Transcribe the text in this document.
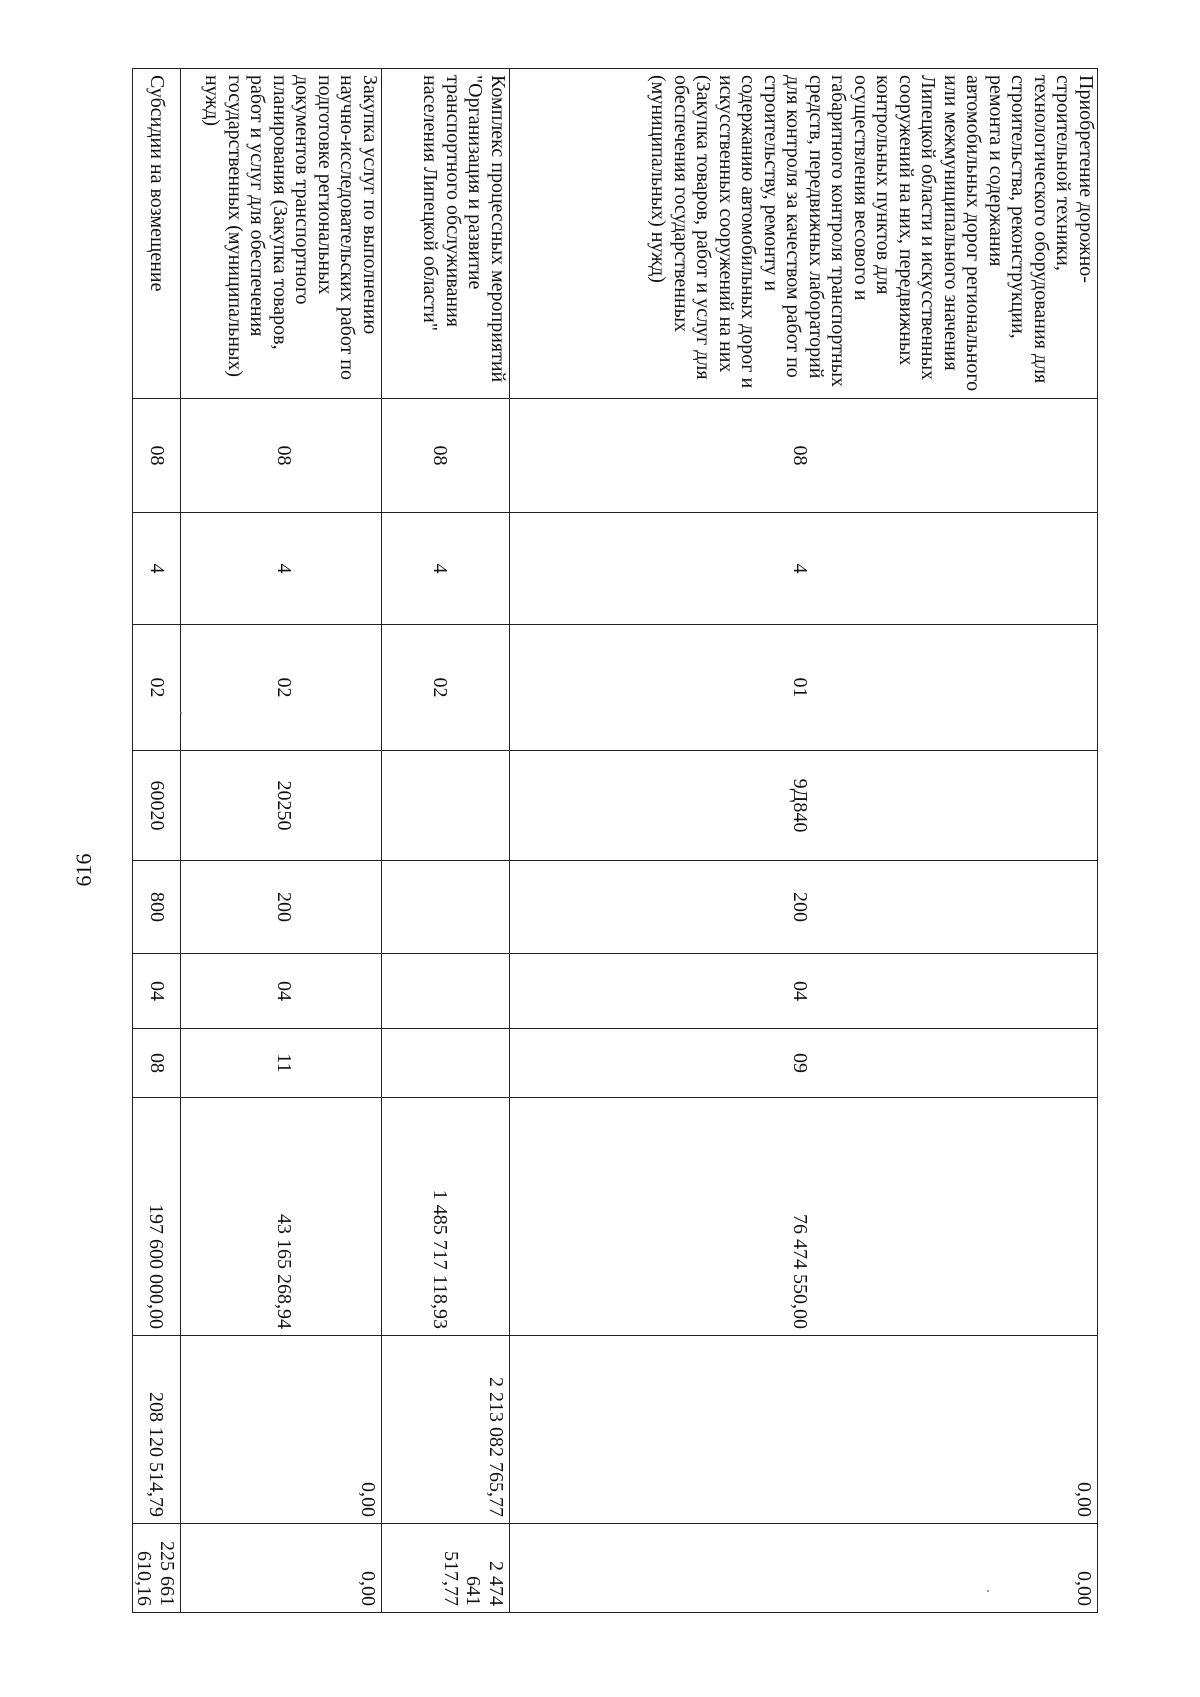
616
Приобретение дорожно-строительной техники, технологического оборудования для строительства, реконструкции, ремонта и содержания автомобильных дорог регионального или межмуниципального значения Липецкой области и искусственных сооружений на них, передвижных контрольных пунктов для осуществления весового и габаритного контроля транспортных средств, передвижных лабораторий для контроля за качеством работ по строительству, ремонту и содержанию автомобильных дорог и искусственных сооружений на них (Закупка товаров, работ и услуг для обеспечения государственных (муниципальных) нужд)	08	4	01	9Д840	200	04	09	76 474 550,00	0,00	0,00
Комплекс процессных мероприятий "Организация и развитие транспортного обслуживания населения Липецкой области"	08	4	02					1 485 717 118,93	2 213 082 765,77	2 474 641 517,77
Закупка услуг по выполнению научно-исследовательских работ по подготовке региональных документов транспортного планирования (Закупка товаров, работ и услуг для обеспечения государственных (муниципальных) нужд)	08	4	02	20250	200	04	11	43 165 268,94	0,00	0,00
Субсидии на возмещение	08	4	02	60020	800	04	08	197 600 000,00	208 120 514,79	225 661 610,16
